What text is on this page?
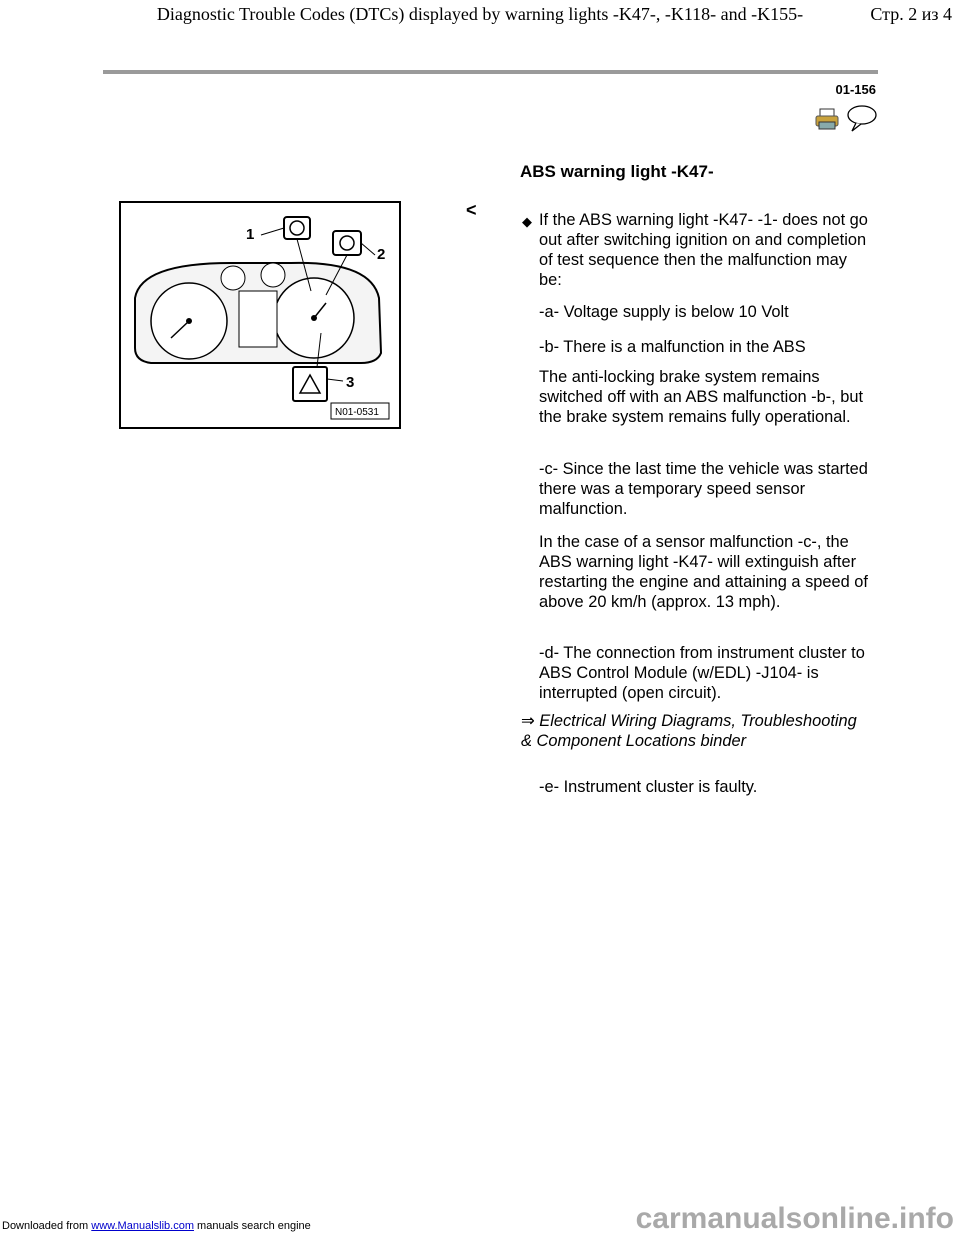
Diagnostic Trouble Codes (DTCs) displayed by warning lights -K47-, -K118- and -K155-	Стр. 2 из 4
01-156
ABS warning light -K47-
1
2
3
N01-0531
<
◆ If the ABS warning light -K47- -1- does not go out after switching ignition on and completion of test sequence then the malfunction may be:
-a- Voltage supply is below 10 Volt
-b- There is a malfunction in the ABS
The anti-locking brake system remains switched off with an ABS malfunction -b-, but the brake system remains fully operational.
-c- Since the last time the vehicle was started there was a temporary speed sensor malfunction.
In the case of a sensor malfunction -c-, the ABS warning light -K47- will extinguish after restarting the engine and attaining a speed of above 20 km/h (approx. 13 mph).
-d- The connection from instrument cluster to ABS Control Module (w/EDL) -J104- is interrupted (open circuit).
⇒ Electrical Wiring Diagrams, Troubleshooting & Component Locations binder
-e- Instrument cluster is faulty.
Downloaded from www.Manualslib.com manuals search engine	carmanualsonline.info
